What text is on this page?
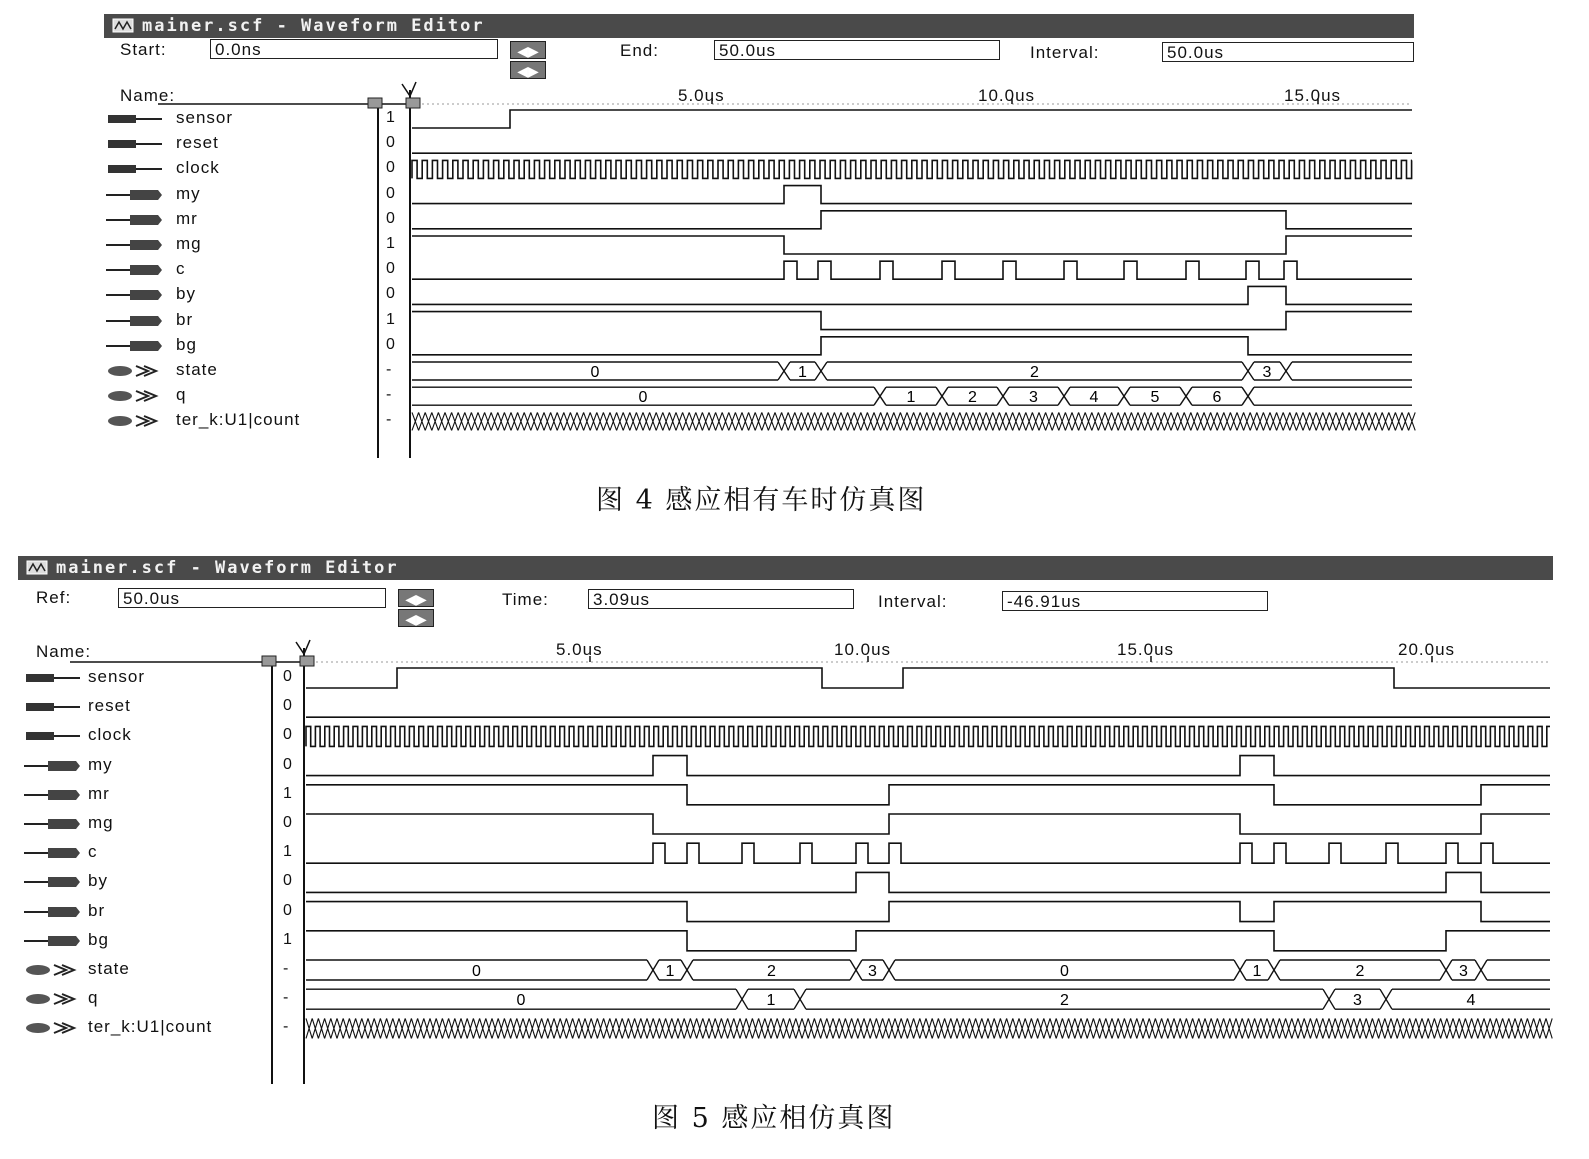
mainer.scf - Waveform Editor
Start:	0.0ns	◀▶◀▶
End:	50.0us	Interval:	50.0us
Name:	5.0us	10.0us	15.0us
sensor	1
reset	0
clock	0
my	0
mr	0
mg	1
c	0
by	0
br	1
bg	0
state	-
q	-
ter_k:U1|count	-
0	1	2	3
0	1	2	3	4	5	6
图 4 感应相有车时仿真图
mainer.scf - Waveform Editor
Ref:	50.0us	◀▶◀▶
Time:	3.09us	Interval:	-46.91us
Name:	5.0us	10.0us	15.0us	20.0us
sensor	0
reset	0
clock	0
my	0
mr	1
mg	0
c	1
by	0
br	0
bg	1
state	-
q	-
ter_k:U1|count	-
0	1	2	3	0	1	2	3
0	1	2	3	4
图 5 感应相仿真图
